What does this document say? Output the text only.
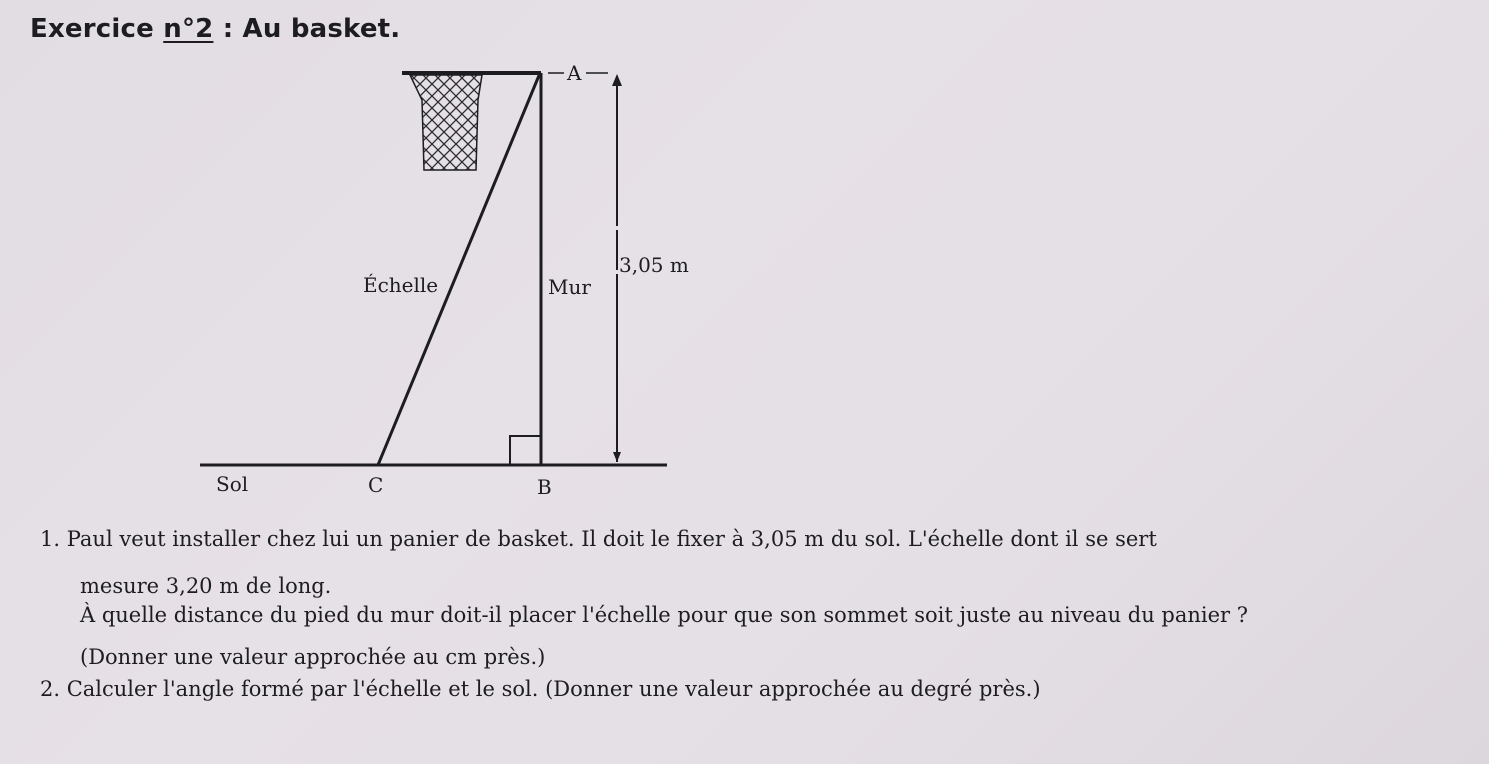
Exercice n°2 : Au basket.
A
3,05 m
Échelle	Mur
Sol	C	B
1. Paul veut installer chez lui un panier de basket. Il doit le fixer à 3,05 m du sol. L'échelle dont il se sert
mesure 3,20 m de long.
À quelle distance du pied du mur doit-il placer l'échelle pour que son sommet soit juste au niveau du panier ?
(Donner une valeur approchée au cm près.)
2. Calculer l'angle formé par l'échelle et le sol. (Donner une valeur approchée au degré près.)
